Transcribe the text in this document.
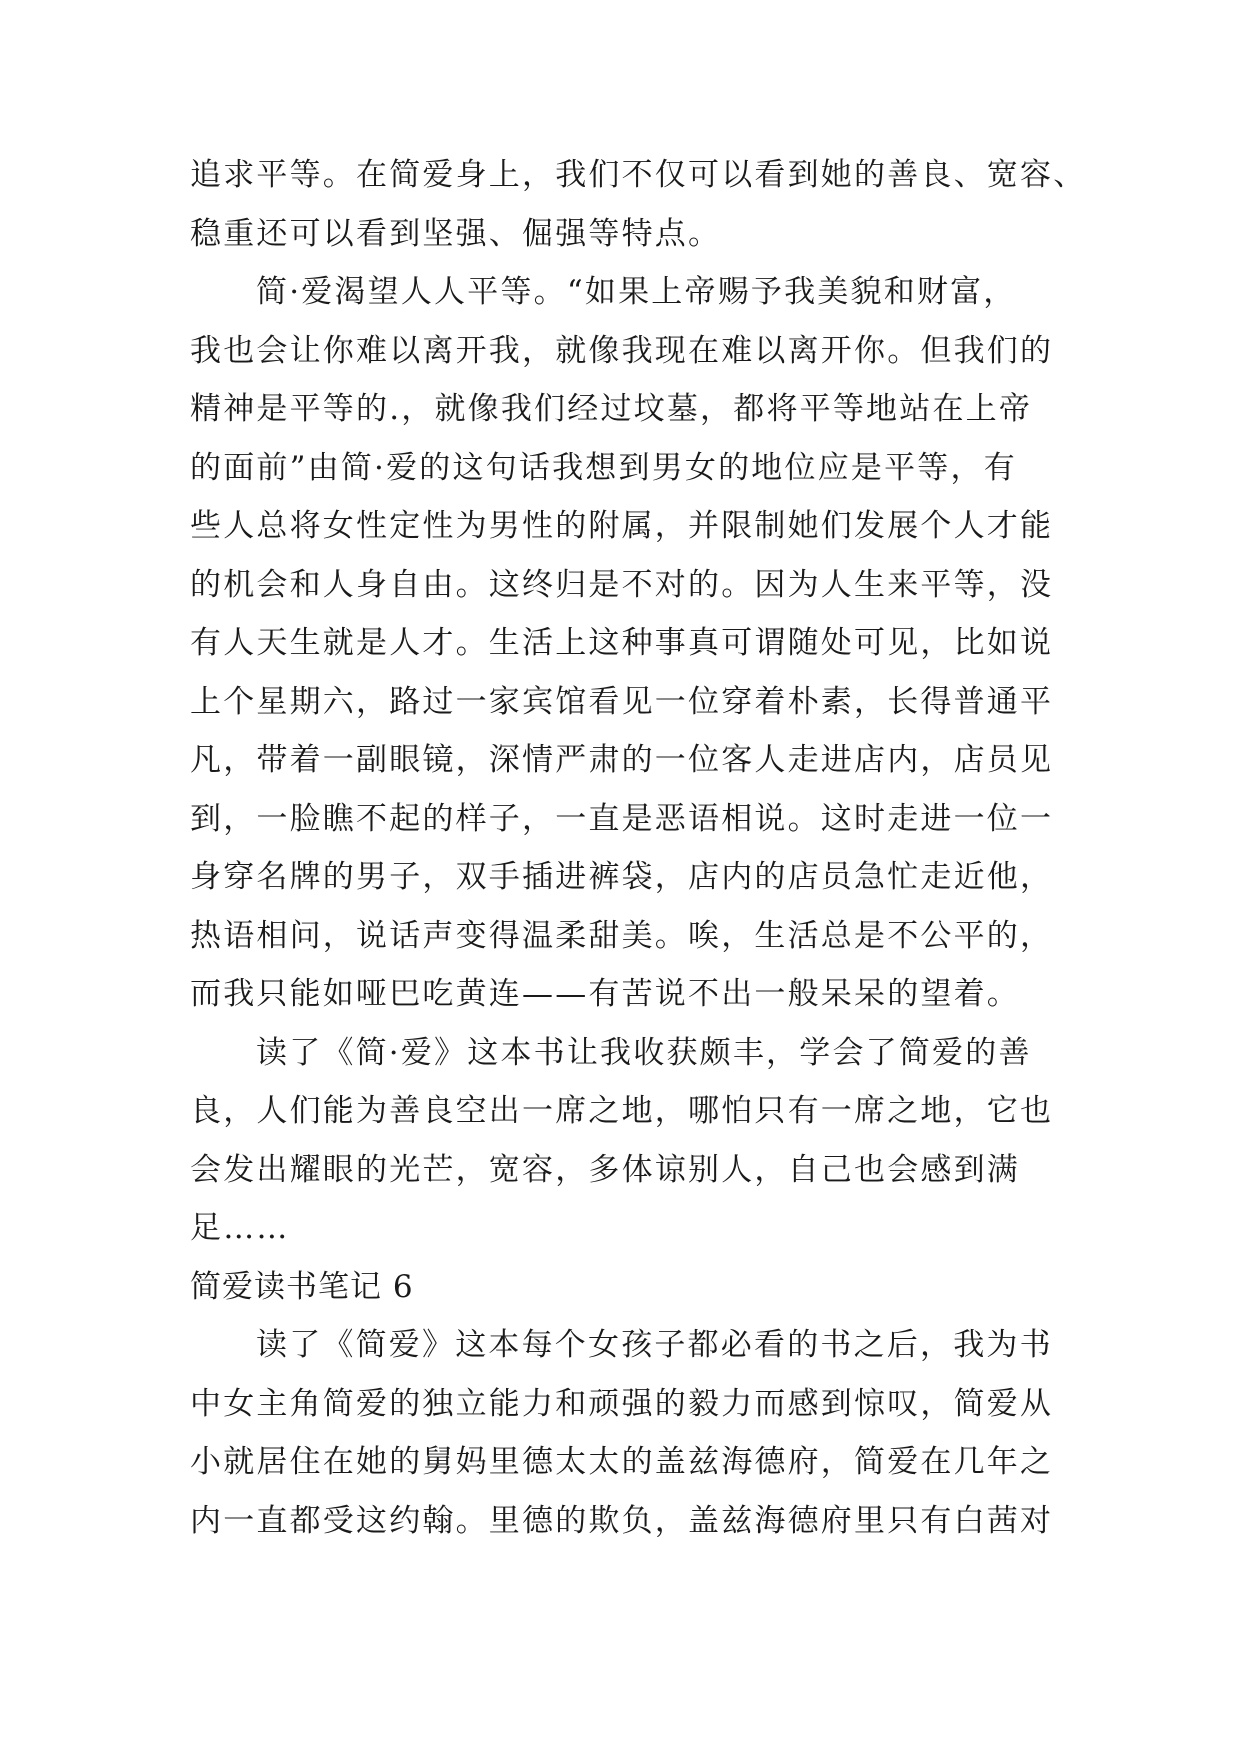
追求平等。在简爱身上，我们不仅可以看到她的善良、宽容、
稳重还可以看到坚强、倔强等特点。
简·爱渴望人人平等。“如果上帝赐予我美貌和财富，
我也会让你难以离开我，就像我现在难以离开你。但我们的
精神是平等的.，就像我们经过坟墓，都将平等地站在上帝
的面前”由简·爱的这句话我想到男女的地位应是平等，有
些人总将女性定性为男性的附属，并限制她们发展个人才能
的机会和人身自由。这终归是不对的。因为人生来平等，没
有人天生就是人才。生活上这种事真可谓随处可见，比如说
上个星期六，路过一家宾馆看见一位穿着朴素，长得普通平
凡，带着一副眼镜，深情严肃的一位客人走进店内，店员见
到，一脸瞧不起的样子，一直是恶语相说。这时走进一位一
身穿名牌的男子，双手插进裤袋，店内的店员急忙走近他，
热语相问，说话声变得温柔甜美。唉，生活总是不公平的，
而我只能如哑巴吃黄连——有苦说不出一般呆呆的望着。
读了《简·爱》这本书让我收获颇丰，学会了简爱的善
良，人们能为善良空出一席之地，哪怕只有一席之地，它也
会发出耀眼的光芒，宽容，多体谅别人，自己也会感到满
足……
简爱读书笔记 6
读了《简爱》这本每个女孩子都必看的书之后，我为书
中女主角简爱的独立能力和顽强的毅力而感到惊叹，简爱从
小就居住在她的舅妈里德太太的盖兹海德府，简爱在几年之
内一直都受这约翰。里德的欺负，盖兹海德府里只有白茜对
